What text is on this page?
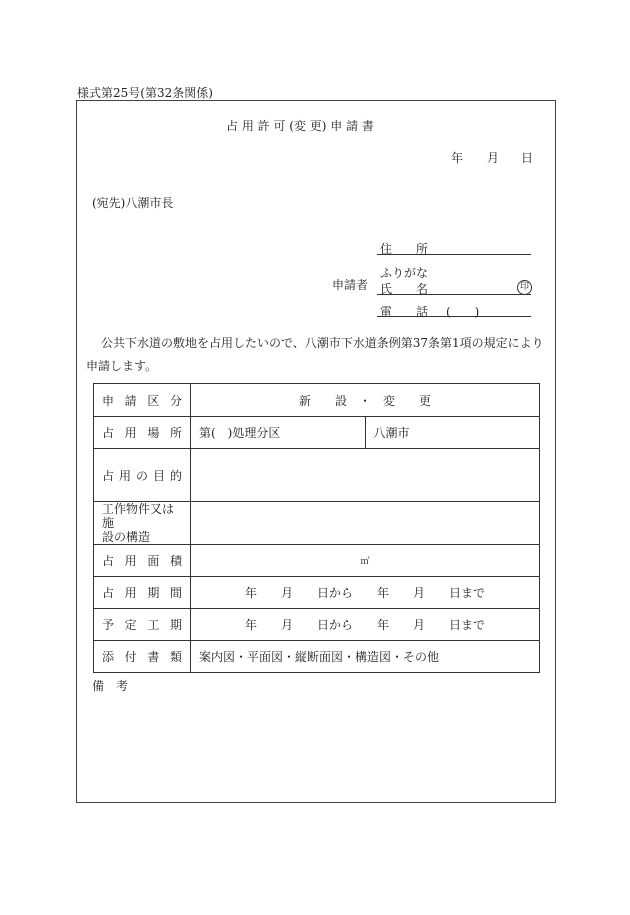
様式第25号(第32条関係)
占 用 許 可 (変 更) 申 請 書
年 月 日
(宛先)八潮市長
住　　所
申請者
ふりがな
氏　　名	印
電　　話 (　　)
公共下水道の敷地を占用したいので、八潮市下水道条例第37条第1項の規定により
申請します。
申 請 区 分	新　　設　・　変　　更	

占 用 場 所	第(　)処理分区	八潮市

占 用 の 目 的		

工作物件又は施
設の構造		

占 用 面 積	㎡	

占 用 期 間	年　　月　　日から　　年　　月　　日まで	

予 定 工 期	年　　月　　日から　　年　　月　　日まで	

添 付 書 類	案内図・平面図・縦断面図・構造図・その他	
備　考
